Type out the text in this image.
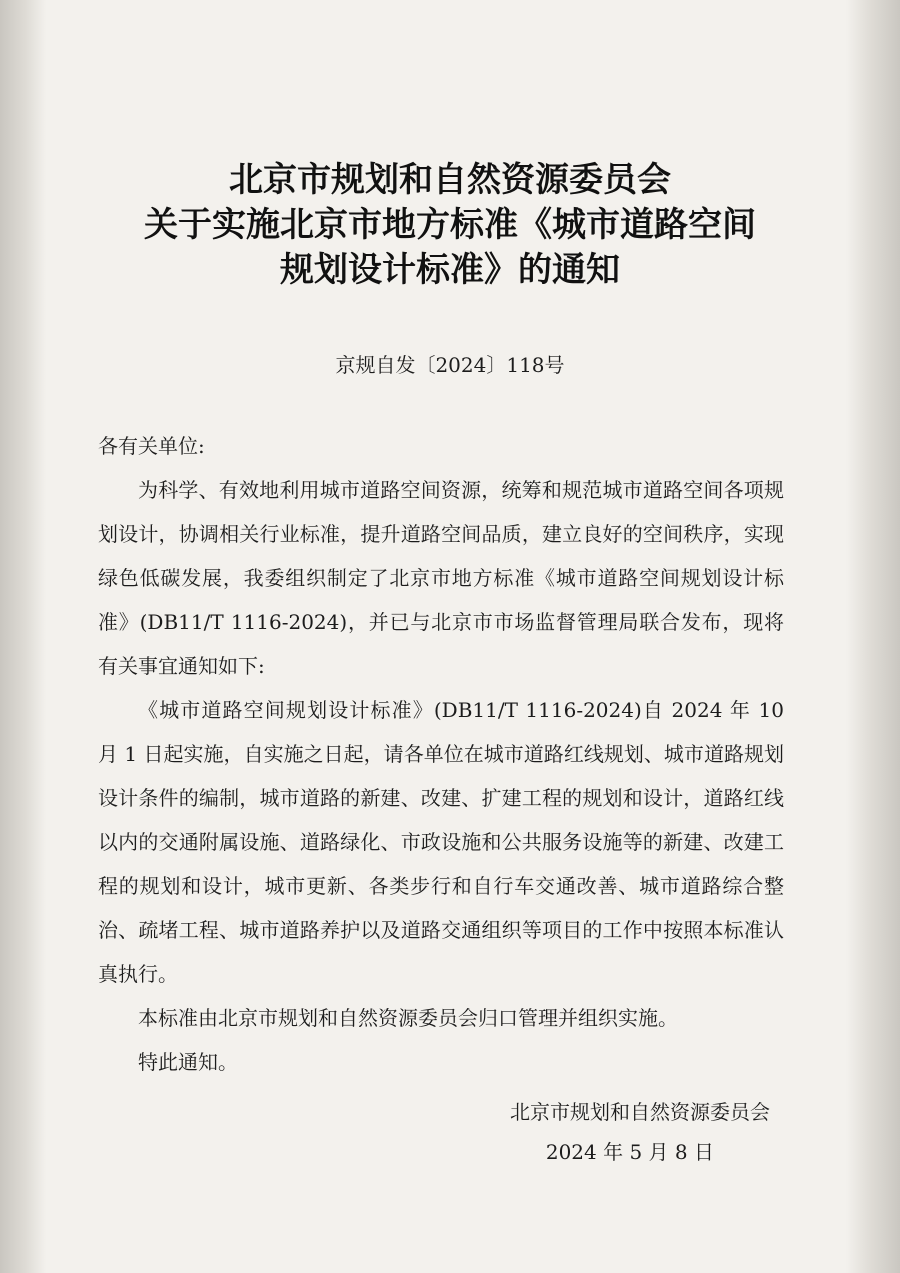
北京市规划和自然资源委员会
关于实施北京市地方标准《城市道路空间
规划设计标准》的通知
京规自发〔2024〕118号

各有关单位:

为科学、有效地利用城市道路空间资源，统筹和规范城市道路空间各项规划设计，协调相关行业标准，提升道路空间品质，建立良好的空间秩序，实现绿色低碳发展，我委组织制定了北京市地方标准《城市道路空间规划设计标准》(DB11/T 1116-2024)，并已与北京市市场监督管理局联合发布，现将有关事宜通知如下:

《城市道路空间规划设计标准》(DB11/T 1116-2024)自 2024 年 10 月 1 日起实施，自实施之日起，请各单位在城市道路红线规划、城市道路规划设计条件的编制，城市道路的新建、改建、扩建工程的规划和设计，道路红线以内的交通附属设施、道路绿化、市政设施和公共服务设施等的新建、改建工程的规划和设计，城市更新、各类步行和自行车交通改善、城市道路综合整治、疏堵工程、城市道路养护以及道路交通组织等项目的工作中按照本标准认真执行。

本标准由北京市规划和自然资源委员会归口管理并组织实施。

特此通知。

北京市规划和自然资源委员会
2024 年 5 月 8 日
